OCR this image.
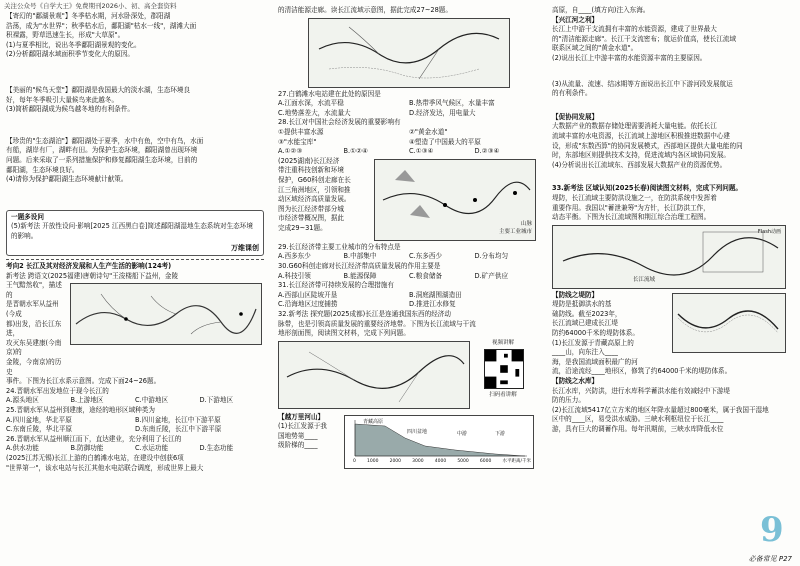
关注公众号《自学大王》免费期刊2026小、初、高全套资料

【寄幻的"鄱湖景观"】冬季枯水期，河水卧深处，郡阳湖

浩荡，成为"水世界"；秋季枯水后，鄱阳湖"枯水一线"，湖滩大面

积裸露，野草迅速生长，形成"大草原"。

(1)与夏季相比，说出冬季鄱阳湖景观的变化。

(2)分析鄱阳湖水域面积季节变化大的原因。

【美丽的"候鸟天堂"】鄱阳湖是我国最大的淡水湖，生态环境良

好，每年冬季吸引大量候鸟来此越冬。

(3)简析鄱阳湖成为候鸟越冬地的有利条件。

【珍贵的"生态湖泊"】鄱阳湖处于夏季，水中有鱼，空中有鸟，水面

有船，湖岸有厂，湖畔有田。为保护生态环境，鄱阳湖曾出现环境

问题。后来采取了一系列措施保护和修复鄱阳湖生态环境，目前的

鄱阳湖，生态环境良好。

(4)请你为保护鄱阳湖生态环境献计献策。

一题多设问
(5)新考法 开放性设问·影响[2025 江西黑白卷]简述鄱阳湖湿地生态系统对生态环境的影响。
万维课创
考向2 长江及其对经济发展和人生产生活的影响(124考)

新考法 跨语文(2025福建)唐朝诗句"王浚楼船下益州，金陵

王气黯然收"，描述的

是晋朝水军从益州(今成

都)出发，沿长江东进，

攻灭东吴建康(今南京)的

金陵，今南京)的历史

事件。下图为长江水系示意图。完成下面24~26题。

24.晋朝水军出发地位于现今长江的

A.源头地区	B.上游地区	C.中游地区	D.下游地区

25.晋朝水军从益州到建康，途经的地形区域种类为

A.四川盆地，华北平原	B.四川盆地，长江中下游平原
C.东南丘陵，华北平原	D.东南丘陵，长江中下游平原

26.晋朝水军从益州顺江而下，直达建业，充分利用了长江的

A.供水功能	B.防御功能	C.水运功能	D.生态功能

(2025江苏无锡)长江上游的白鹤滩水电站，在建设中创获6项

"世界第一"，该水电站与长江其他水电站联合调度，形成世界上最大

的清洁能源走廊。读长江流域示意图，据此完成27~28题。

27.白鹤滩水电站建在此处的原因是

A.江面水深，水流平稳	B.热带季风气候区，水量丰富
C.地势落差大，水流量大	D.经济发达，用电量大

28.长江对中国社会经济发展的重要影响有

①提供丰富水源	②"黄金水道"
③"水能宝库"	④塑造了中国最大的平原
A.①②③	B.①②④	C.①③④	D.②③④

(2025湖南)长江经济

带注重科技创新和环境

保护，G60科创走廊在长

江三角洲地区，引领和推

动区域经济高质量发展。

图为长江经济带部分城

市经济带概况图，据此

完成29~31题。	山脉
主要工业城市

29.长江经济带主要工业城市的分布特点是

A.西多东少	B.中部集中	C.东多西少	D.分布均匀

30.G60科创走廊对长江经济带高质量发展的作用主要是

A.科技引领	B.能源保障	C.粮食储备	D.矿产供应

31.长江经济带可持续发展的合理措施有

A.西部山区陡坡开垦	B.洞庭湖围湖造田
C.沿海地区过度捕捞	D.推进江水修复

32.新考法 探究题(2025成都)长江是连通我国东西的经济动

脉带，也是引领高质量发展的重要经济地带。下图为长江流域与干流

地形剖面图，阅读图文材料，完成下列问题。

视频讲解
扫码看讲解
【越万里河山】

(1)长江发源于我

国地势第____

级阶梯的____

青藏高原
四川盆地	中游	下游
0 1000 2000 3000 4000 5000 6000 水平距离/千米

高原，自____(填方向)注入东海。

【兴江河之利】

长江上中游干支流拥有丰富的水能资源，建成了世界最大

的"清洁能源走廊"。长江干支流密布；航运价值高，使长江流域

联系区域之间的"黄金水道"。

(2)说出长江上中游丰富的水能资源丰富的主要原因。

(3)从流量、流速、结冰期等方面说出长江中下游河段发展航运

的有利条件。

【促协同发展】

大数据产业的数据存储处理需要消耗大量电能。依托长江

流域丰富的水电资源，长江流域上游地区积极推进数据中心建

设，形成"东数西算"的协同发展模式，西部地区提供大量电能的同

时，东部地区则提供技术支持，促进流域内各区域协同发展。

(4)分析说出长江流域东、西部发展大数据产业的资源优势。

33.新考法 区域认知(2025长春)阅读图文材料，完成下列问题。

堤防，长江流域主要防洪设施之一，在防洪系统中发挥着

重要作用。我国以"蓄泄兼筹"为方针，长江防洪工作，

动态平衡。下图为长江流域图和荆江综合治理工程图。

长江流域
Flash动画
【防线之堤防】

堤防是抵御洪水的基

础防线。截至2023年，

长江流域已建成长江堤

防约64000千米的堤防体系。

(1)长江发源于青藏高原上的

____山，向东注入____

海，是我国流域面积最广的河

流，沿途流经____地形区，修筑了约64000千米的堤防体系。

【防线之水库】

长江水库，兴防洪，进行水库科学蓄洪水能有效减轻中下游堤

防的压力。

(2)长江流域5417亿立方米的地区年降水量超过800毫米，属于我国干湿地

区中的____区，易受洪水威胁。三峡水利枢纽位于长江____

游，具有巨大的调蓄作用。每年汛期前，三峡水库降低水位

9
必备常见 P27
